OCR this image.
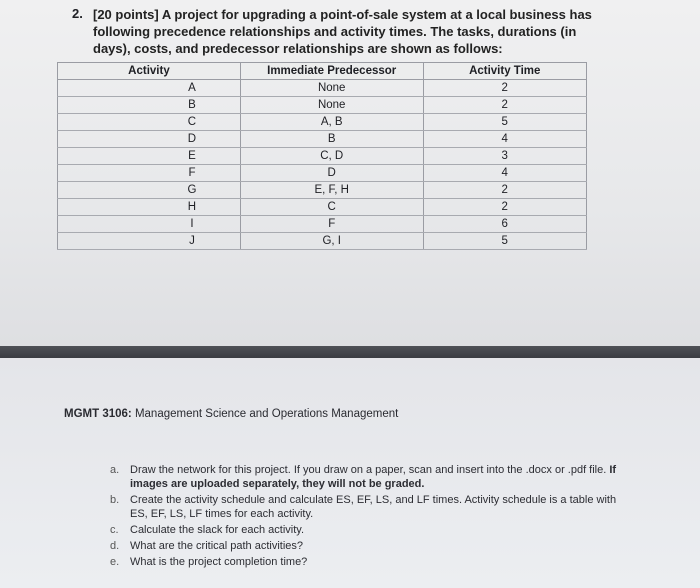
2. [20 points] A project for upgrading a point-of-sale system at a local business has following precedence relationships and activity times. The tasks, durations (in days), costs, and predecessor relationships are shown as follows:
Activity	Immediate Predecessor	Activity Time
A	None	2
B	None	2
C	A, B	5
D	B	4
E	C, D	3
F	D	4
G	E, F, H	2
H	C	2
I	F	6
J	G, I	5
MGMT 3106: Management Science and Operations Management
a. Draw the network for this project. If you draw on a paper, scan and insert into the .docx or .pdf file. If images are uploaded separately, they will not be graded.
b. Create the activity schedule and calculate ES, EF, LS, and LF times. Activity schedule is a table with ES, EF, LS, LF times for each activity.
c. Calculate the slack for each activity.
d. What are the critical path activities?
e. What is the project completion time?
